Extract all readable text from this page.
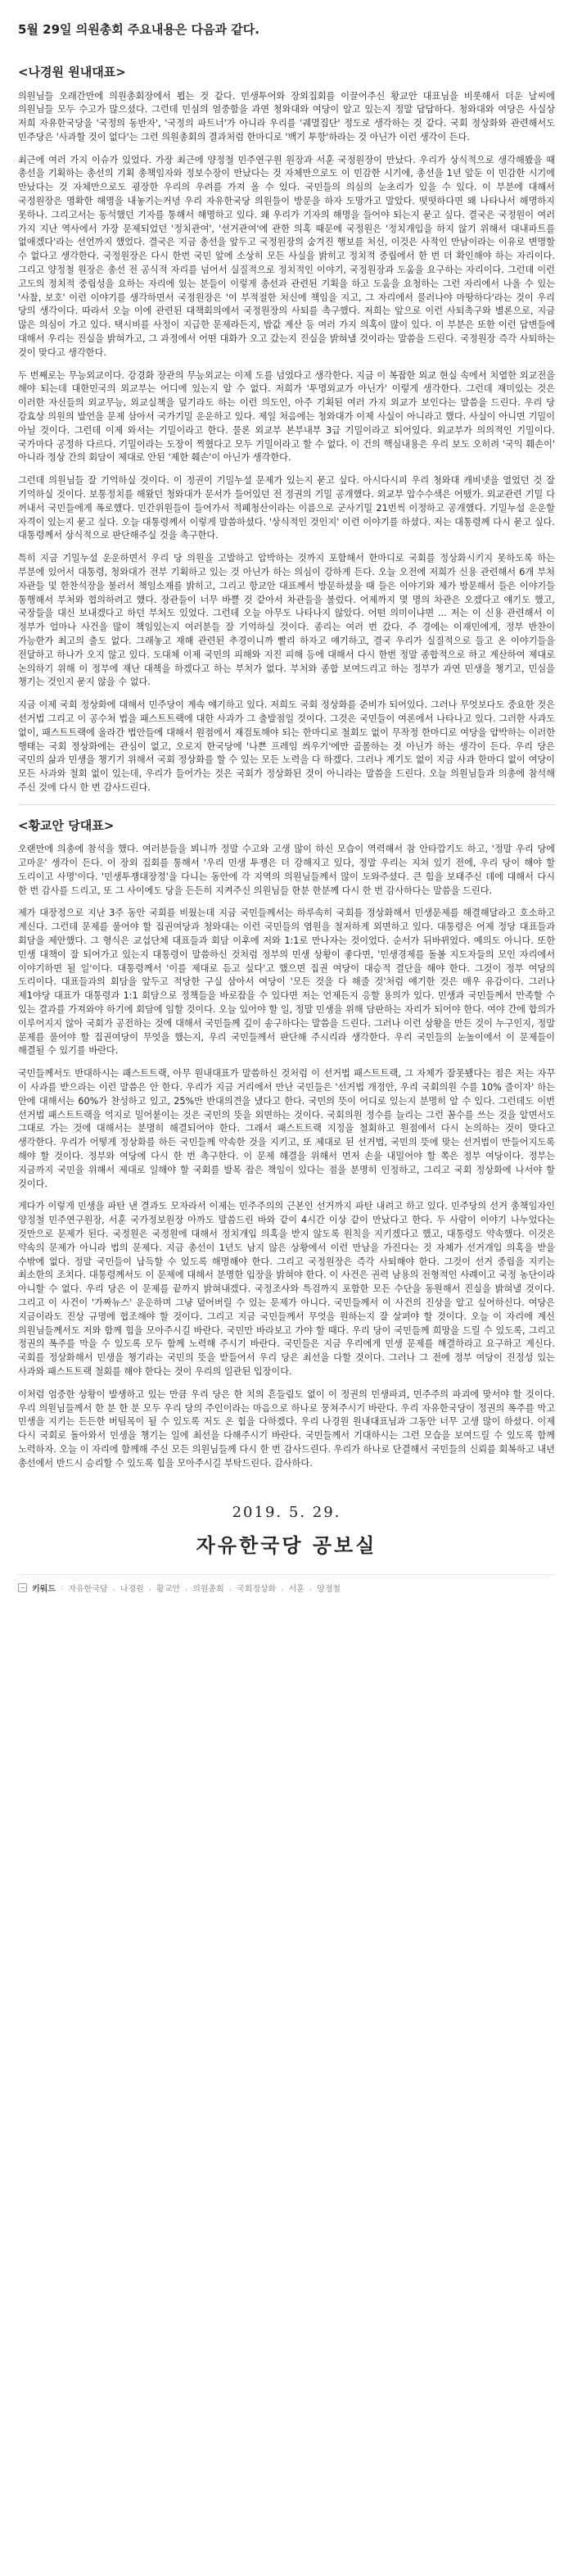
5월 29일 의원총회 주요내용은 다음과 같다.

<나경원 원내대표>

의원님들 오래간만에 의원총회장에서 뵙는 것 같다. 민생투어와 장외집회를 이끌어주신 황교안 대표님을 비롯해서 더운 날씨에 의원님들 모두 수고가 많으셨다. 그런데 민심의 엄중함을 과연 청와대와 여당이 알고 있는지 정말 답답하다. 청와대와 여당은 사실상 저희 자유한국당을 '국정의 동반자', '국정의 파트너'가 아니라 우리를 '궤멸집단' 정도로 생각하는 것 같다. 국회 정상화와 관련해서도 민주당은 '사과할 것이 없다'는 그런 의원총회의 결과처럼 한마디로 '백기 투항'하라는 것 아닌가 이런 생각이 든다.

최근에 여러 가지 이슈가 있었다. 가장 최근에 양정철 민주연구원 원장과 서훈 국정원장이 만났다. 우리가 상식적으로 생각해봤을 때 총선을 기획하는 총선의 기획 총책임자와 정보수장이 만났다는 것 자체만으로도 이 민감한 시기에, 총선을 1년 앞둔 이 민감한 시기에 만났다는 것 자체만으로도 굉장한 우리의 우려를 가져 올 수 있다. 국민들의 의심의 눈초리가 있을 수 있다. 이 부분에 대해서 국정원장은 명확한 해명을 내놓기는커녕 우리 자유한국당 의원들이 방문을 하자 도망가고 말았다. 떳떳하다면 왜 나타나서 해명하지 못하나. 그리고서는 동석했던 기자를 통해서 해명하고 있다. 왜 우리가 기자의 해명을 들어야 되는지 묻고 싶다. 결국은 국정원이 여러 가지 지난 역사에서 가장 문제되었던 '정치관여', '선거관여'에 관한 의혹 때문에 국정원은 '정치개입을 하지 않기 위해서 대내파트를 없애겠다'라는 선언까지 했었다. 결국은 지금 총선을 앞두고 국정원장의 숨겨진 행보를 처신, 이것은 사적인 만남이라는 이유로 변명할 수 없다고 생각한다. 국정원장은 다시 한번 국민 앞에 소상히 모든 사실을 밝히고 정치적 중립에서 한 번 더 확인해야 하는 자리이다. 그리고 양정철 원장은 총선 전 공식적 자리를 넘어서 실질적으로 정치적인 이야기, 국정원장과 도움을 요구하는 자리이다. 그런데 이런 고도의 정치적 중립성을 요하는 자리에 있는 분들이 이렇게 총선과 관련된 기획을 하고 도움을 요청하는 그런 자리에서 나올 수 있는 '사찰, 보호' 이런 이야기를 생각하면서 국정원장은 '이 부적절한 처신에 책임을 지고, 그 자리에서 물러나야 마땅하다'라는 것이 우리 당의 생각이다. 따라서 오늘 이에 관련된 대책회의에서 국정원장의 사퇴를 촉구했다. 저희는 앞으로 이런 사퇴촉구와 별론으로, 지금 많은 의심이 가고 있다. 택시비를 사정이 지급한 문제라든지, 밥값 계산 등 여러 가지 의혹이 많이 있다. 이 부분은 또한 이런 답변들에 대해서 우리는 진실을 밝혀가고, 그 과정에서 어떤 대화가 오고 갔는지 진실을 밝혀낼 것이라는 말씀을 드린다. 국정원장 즉각 사퇴하는 것이 맞다고 생각한다.

두 번째로는 무능외교이다. 강경화 장관의 무능외교는 이제 도를 넘었다고 생각한다. 지금 이 복잡한 외교 현실 속에서 치열한 외교전을 해야 되는데 대한민국의 외교부는 어디에 있는지 알 수 없다. 저희가 '투명외교가 아닌가' 이렇게 생각한다. 그런데 재미있는 것은 이러한 자신들의 외교무능, 외교실책을 덮기라도 하는 이런 의도인, 아주 기획된 여러 가지 외교가 보인다는 말씀을 드린다. 우리 당 강효상 의원의 발언을 문제 삼아서 국가기밀 운운하고 있다. 제일 처음에는 청와대가 이제 사실이 아니라고 했다. 사실이 아니면 기밀이 아닐 것이다. 그런데 이제 와서는 기밀이라고 한다. 물론 외교부 본부내부 3급 기밀이라고 되어있다. 외교부가 의의적인 기밀이다. 국가마다 공정하 다르다. 기밀이라는 도장이 찍혔다고 모두 기밀이라고 할 수 없다. 이 건의 핵심내용은 우리 보도 오히려 '국익 훼손이' 아니라 정상 간의 회담이 제대로 안된 '제한 훼손'이 아닌가 생각한다.

그런데 의원님들 잘 기억하실 것이다. 이 정권이 기밀누설 문제가 있는지 묻고 싶다. 아시다시피 우리 청와대 캐비넷을 열었던 것 잘 기억하실 것이다. 보통정치를 해왔던 청와대가 문서가 들어있던 전 정권의 기밀 공개했다. 외교부 압수수색은 어땠가. 외교관련 기밀 다 꺼내서 국민들에게 폭로했다. 민간위원들이 들어가서 적폐청산이라는 이름으로 군사기밀 21번씩 이정하고 공개했다. 기밀누설 운운할 자격이 있는지 묻고 싶다. 오늘 대통령께서 이렇게 말씀하셨다. '상식적인 것인지' 이런 이야기를 하셨다. 저는 대통령께 다시 묻고 싶다. 대통령께서 상식적으로 판단해주실 것을 촉구한다.

특히 지금 기밀누설 운운하면서 우리 당 의원을 고발하고 압박하는 것까지 포함해서 한마디로 국회를 정상화시키지 못하도록 하는 부분에 있어서 대통령, 청와대가 전부 기획하고 있는 것 아닌가 하는 의심이 강하게 든다. 오늘 오전에 저희가 신용 관련해서 6개 부처 자관들 및 한찬석장을 불러서 책임소재를 밝히고, 그리고 항교안 대표께서 방문하셨을 때 들은 이야기와 제가 방문해서 들은 이야기들 통행해서 부처와 협의하려고 했다. 장관들이 너무 바쁠 것 같아서 차관들을 불렀다. 어제까지 몇 명의 차관은 오겠다고 얘기도 했고, 국장들을 대신 보내겠다고 하던 부처도 있었다. 그런데 오늘 아무도 나타나지 않았다. 어떤 의미이냐면 ... 저는 이 신용 관련해서 이 정부가 얼마나 사건을 많이 책임있는지 여러분들 잘 기억하실 것이다. 종리는 여러 번 갔다. 주 경에는 이재민에게, 정부 반찬이 가능한가 최고의 출도 없다. 그래놓고 재해 관련된 추경이니까 빨리 하자고 얘기하고, 결국 우리가 실질적으로 들고 온 이야기들을 전달하고 하나가 오지 않고 있다. 도대체 이제 국민의 피해와 지진 피해 등에 대해서 다시 한번 정말 종합적으로 하고 계산하여 제대로 논의하기 위해 이 정부에 재난 대책을 하겠다고 하는 부처가 없다. 부처와 종합 보여드리고 하는 정부가 과연 민생을 챙기고, 민심을 챙기는 것인지 묻지 않을 수 없다.

지금 이제 국회 정상화에 대해서 민주당이 계속 얘기하고 있다. 저희도 국회 정상화를 준비가 되어있다. 그러나 무엇보다도 중요한 것은 선거법 그리고 이 공수처 법을 패스트트랙에 대한 사과가 그 출발점일 것이다. 그것은 국민들이 여론에서 나타나고 있다. 그러한 사과도 없이, 패스트트랙에 올라간 법안들에 대해서 원점에서 재검토해야 되는 한마디로 철회도 없이 무작정 한마디로 여당을 압박하는 이러한 행태는 국회 정상화에는 관심이 없고, 오로지 한국당에 '나쁜 프레임 씌우기'에만 골몰하는 것 아닌가 하는 생각이 든다. 우리 당은 국민의 삶과 민생을 챙기기 위해서 국회 정상화를 할 수 있는 모든 노력을 다 하겠다. 그러나 계기도 없이 지금 사과 한마디 없이 여당이 모든 사과와 철회 없이 있는데, 우리가 들어가는 것은 국회가 정상화된 것이 아니라는 말씀을 드린다. 오늘 의원님들과 의총에 참석해 주신 것에 다시 한 번 감사드린다.

<황교안 당대표>

오랜만에 의총에 참석을 했다. 여러분들을 뵈니까 정말 수고와 고생 많이 하신 모습이 역력해서 참 안타깝기도 하고, '정말 우리 당에 고마운' 생각이 든다. 이 장외 집회를 통해서 '우리 민생 투쟁은 더 강해지고 있다, 정말 우리는 지쳐 있기 전에, 우리 당이 해야 할 도리이고 사명'이다. '민생투쟁대장정'을 다니는 동안에 각 지역의 의원님들께서 많이 도와주셨다. 큰 힘을 보태주신 데에 대해서 다시 한 번 감사를 드리고, 또 그 사이에도 당을 든든히 지켜주신 의원님들 한분 한분께 다시 한 번 감사하다는 말씀을 드린다.

제가 대장정으로 지난 3주 동안 국회를 비웠는데 지금 국민들께서는 하루속히 국회를 정상화해서 민생문제를 해결해달라고 호소하고 계신다. 그런데 문제를 풀어야 할 집권여당과 청와대는 이런 국민들의 염원을 철저하게 외면하고 있다. 대통령은 어제 정당 대표들과 회담을 제안했다. 그 형식은 교섭단체 대표들과 회담 이후에 저와 1:1로 만나자는 것이었다. 순서가 뒤바뀌었다. 예의도 아니다. 또한 민생 대책이 잘 되어가고 있는지 대통령이 말씀하신 것처럼 정부의 민생 상황이 좋다면, '민생경제를 돌볼 지도자들의 모인 자리에서 이야기하면 될 일'이다. 대통령께서 '이를 제대로 듣고 싶다'고 했으면 집권 여당이 대승적 결단을 해야 한다. 그것이 정부 여당의 도리이다. 대표들과의 회담을 앞두고 적당한 구실 삼아서 여당이 '모든 것을 다 해줄 것'처럼 얘기한 것은 매우 유감이다. 그러나 제1야당 대표가 대통령과 1:1 회담으로 정책들을 바로잡을 수 있다면 저는 언제든지 응할 용의가 있다. 민생과 국민들께서 만족할 수 있는 결과를 가져와야 하기에 회담에 임할 것이다. 오늘 있어야 할 일, 정말 민생을 위해 담판하는 자리가 되어야 한다. 여야 간에 합의가 이루어지지 않아 국회가 공전하는 것에 대해서 국민들께 깊이 송구하다는 말씀을 드린다. 그러나 이런 상황을 만든 것이 누구인지, 정말 문제를 풀어야 할 집권여당이 무엇을 했는지, 우리 국민들께서 판단해 주시리라 생각한다. 우리 국민들의 눈높이에서 이 문제들이 해결될 수 있기를 바란다.

국민들께서도 반대하시는 패스트트랙, 아무 원내대표가 말씀하신 것처럼 이 선거법 패스트트랙, 그 자체가 잘못됐다는 점은 저는 자꾸 이 사과를 받으라는 이런 말씀은 안 한다. 우리가 지금 거리에서 만난 국민들은 '선거법 개정안, 우리 국회의원 수를 10% 줄이자' 하는 안에 대해서는 60%가 찬성하고 있고, 25%만 반대의견을 냈다고 한다. 국민의 뜻이 어디로 있는지 분명히 알 수 있다. 그런데도 이번 선거법 패스트트랙을 억지로 밀어붙이는 것은 국민의 뜻을 외면하는 것이다. 국회의원 정수를 늘리는 그런 꼼수를 쓰는 것을 알면서도 그대로 가는 것에 대해서는 분명히 해결되어야 한다. 그래서 패스트트랙 지정을 철회하고 원점에서 다시 논의하는 것이 맞다고 생각한다. 우리가 어떻게 정상화를 하든 국민들께 약속한 것을 지키고, 또 제대로 된 선거법, 국민의 뜻에 맞는 선거법이 만들어지도록 해야 할 것이다. 정부와 여당에 다시 한 번 촉구한다. 이 문제 해결을 위해서 먼저 손을 내밀어야 할 쪽은 정부 여당이다. 정부는 지금까지 국민을 위해서 제대로 일해야 할 국회를 발목 잡은 책임이 있다는 점을 분명히 인정하고, 그리고 국회 정상화에 나서야 할 것이다.

게다가 이렇게 민생을 파탄 낸 결과도 모자라서 이제는 민주주의의 근본인 선거까지 파탄 내려고 하고 있다. 민주당의 선거 총책임자인 양정철 민주연구원장, 서훈 국가정보원장 아까도 말씀드린 바와 같이 4시간 이상 같이 만났다고 한다. 두 사람이 이야기 나누었다는 것만으로 문제가 된다. 국정원은 국정원에 대해서 정치개입 의혹을 받지 않도록 원칙을 지키겠다고 했고, 대통령도 약속했다. 이것은 약속의 문제가 아니라 법의 문제다. 지금 총선이 1년도 남지 않은 상황에서 이런 만남을 가진다는 것 자체가 선거개입 의혹을 받을 수밖에 없다. 정말 국민들이 납득할 수 있도록 해명해야 한다. 그리고 국정원장은 즉각 사퇴해야 한다. 그것이 선거 중립을 지키는 최소한의 조치다. 대통령께서도 이 문제에 대해서 분명한 입장을 밝혀야 한다. 이 사건은 권력 남용의 전형적인 사례이고 국정 농단이라 아니할 수 없다. 우리 당은 이 문제를 끝까지 밝혀내겠다. 국정조사와 특검까지 포함한 모든 수단을 동원해서 진실을 밝혀낼 것이다. 그리고 이 사건이 '가짜뉴스' 운운하며 그냥 덮어버릴 수 있는 문제가 아니다. 국민들께서 이 사건의 진상을 알고 싶어하신다. 여당은 지금이라도 진상 규명에 협조해야 할 것이다. 그리고 지금 국민들께서 무엇을 원하는지 잘 살펴야 할 것이다. 오늘 이 자리에 계신 의원님들께서도 저와 함께 힘을 모아주시길 바란다. 국민만 바라보고 가야 할 때다. 우리 당이 국민들께 희망을 드릴 수 있도록, 그리고 정권의 폭주를 막을 수 있도록 모두 함께 노력해 주시기 바란다. 국민들은 지금 우리에게 민생 문제를 해결하라고 요구하고 계신다. 국회를 정상화해서 민생을 챙기라는 국민의 뜻을 받들어서 우리 당은 최선을 다할 것이다. 그러나 그 전에 정부 여당이 진정성 있는 사과와 패스트트랙 철회를 해야 한다는 것이 우리의 일관된 입장이다.

이처럼 엄중한 상황이 발생하고 있는 만큼 우리 당은 한 치의 흔들림도 없이 이 정권의 민생파괴, 민주주의 파괴에 맞서야 할 것이다. 우리 의원님들께서 한 분 한 분 모두 우리 당의 주인이라는 마음으로 하나로 뭉쳐주시기 바란다. 우리 자유한국당이 정권의 폭주를 막고 민생을 지키는 든든한 버팀목이 될 수 있도록 저도 온 힘을 다하겠다. 우리 나경원 원내대표님과 그동안 너무 고생 많이 하셨다. 이제 다시 국회로 돌아와서 민생을 챙기는 일에 최선을 다해주시기 바란다. 국민들께서 기대하시는 그런 모습을 보여드릴 수 있도록 함께 노력하자. 오늘 이 자리에 함께해 주신 모든 의원님들께 다시 한 번 감사드린다. 우리가 하나로 단결해서 국민들의 신뢰를 회복하고 내년 총선에서 반드시 승리할 수 있도록 힘을 모아주시길 부탁드린다. 감사하다.

2019. 5. 29.

자유한국당 공보실

키워드 : 자유한국당 , 나경원 , 황교안 , 의원총회 , 국회정상화 , 서훈 , 양정철
